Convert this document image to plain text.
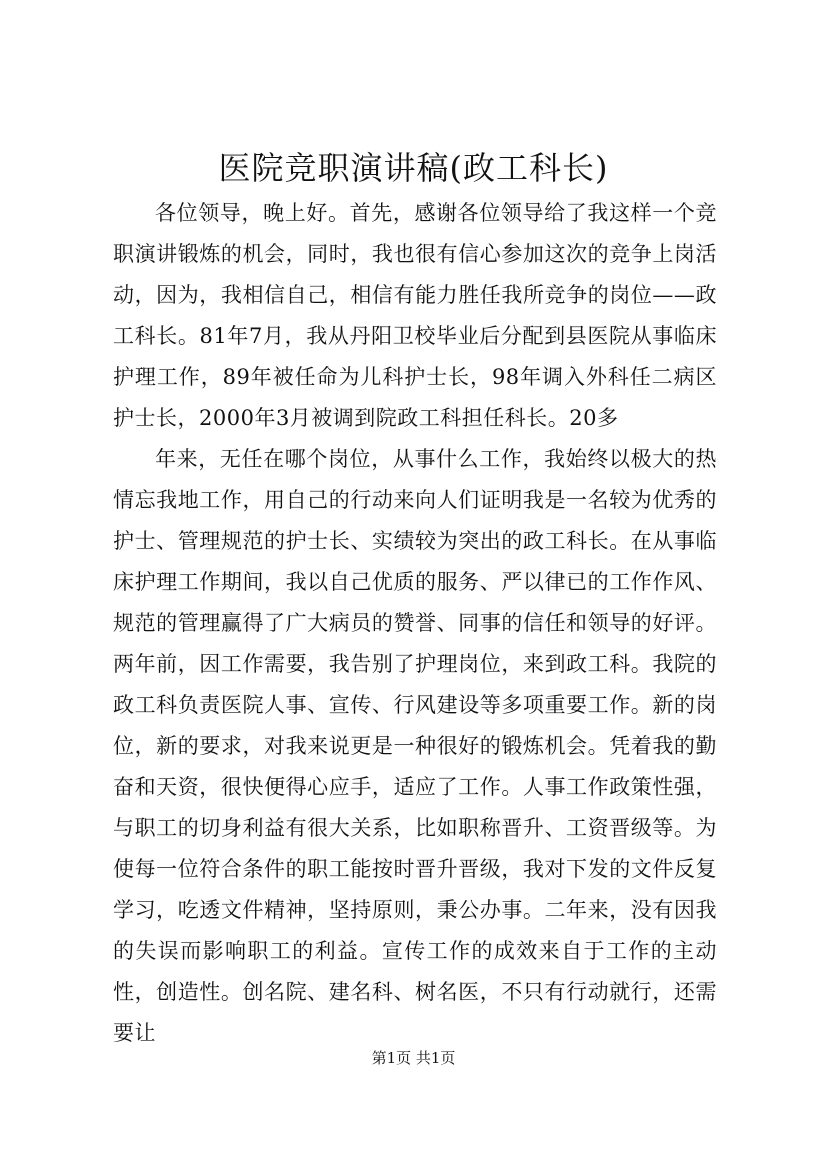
医院竞职演讲稿(政工科长)

各位领导，晚上好。首先，感谢各位领导给了我这样一个竞职演讲锻炼的机会，同时，我也很有信心参加这次的竞争上岗活动，因为，我相信自己，相信有能力胜任我所竞争的岗位——政工科长。81年7月，我从丹阳卫校毕业后分配到县医院从事临床护理工作，89年被任命为儿科护士长，98年调入外科任二病区护士长，2000年3月被调到院政工科担任科长。20多

年来，无任在哪个岗位，从事什么工作，我始终以极大的热情忘我地工作，用自己的行动来向人们证明我是一名较为优秀的护士、管理规范的护士长、实绩较为突出的政工科长。在从事临床护理工作期间，我以自己优质的服务、严以律已的工作作风、规范的管理赢得了广大病员的赞誉、同事的信任和领导的好评。两年前，因工作需要，我告别了护理岗位，来到政工科。我院的政工科负责医院人事、宣传、行风建设等多项重要工作。新的岗位，新的要求，对我来说更是一种很好的锻炼机会。凭着我的勤奋和天资，很快便得心应手，适应了工作。人事工作政策性强，与职工的切身利益有很大关系，比如职称晋升、工资晋级等。为使每一位符合条件的职工能按时晋升晋级，我对下发的文件反复学习，吃透文件精神，坚持原则，秉公办事。二年来，没有因我的失误而影响职工的利益。宣传工作的成效来自于工作的主动性，创造性。创名院、建名科、树名医，不只有行动就行，还需要让

第1页 共1页
